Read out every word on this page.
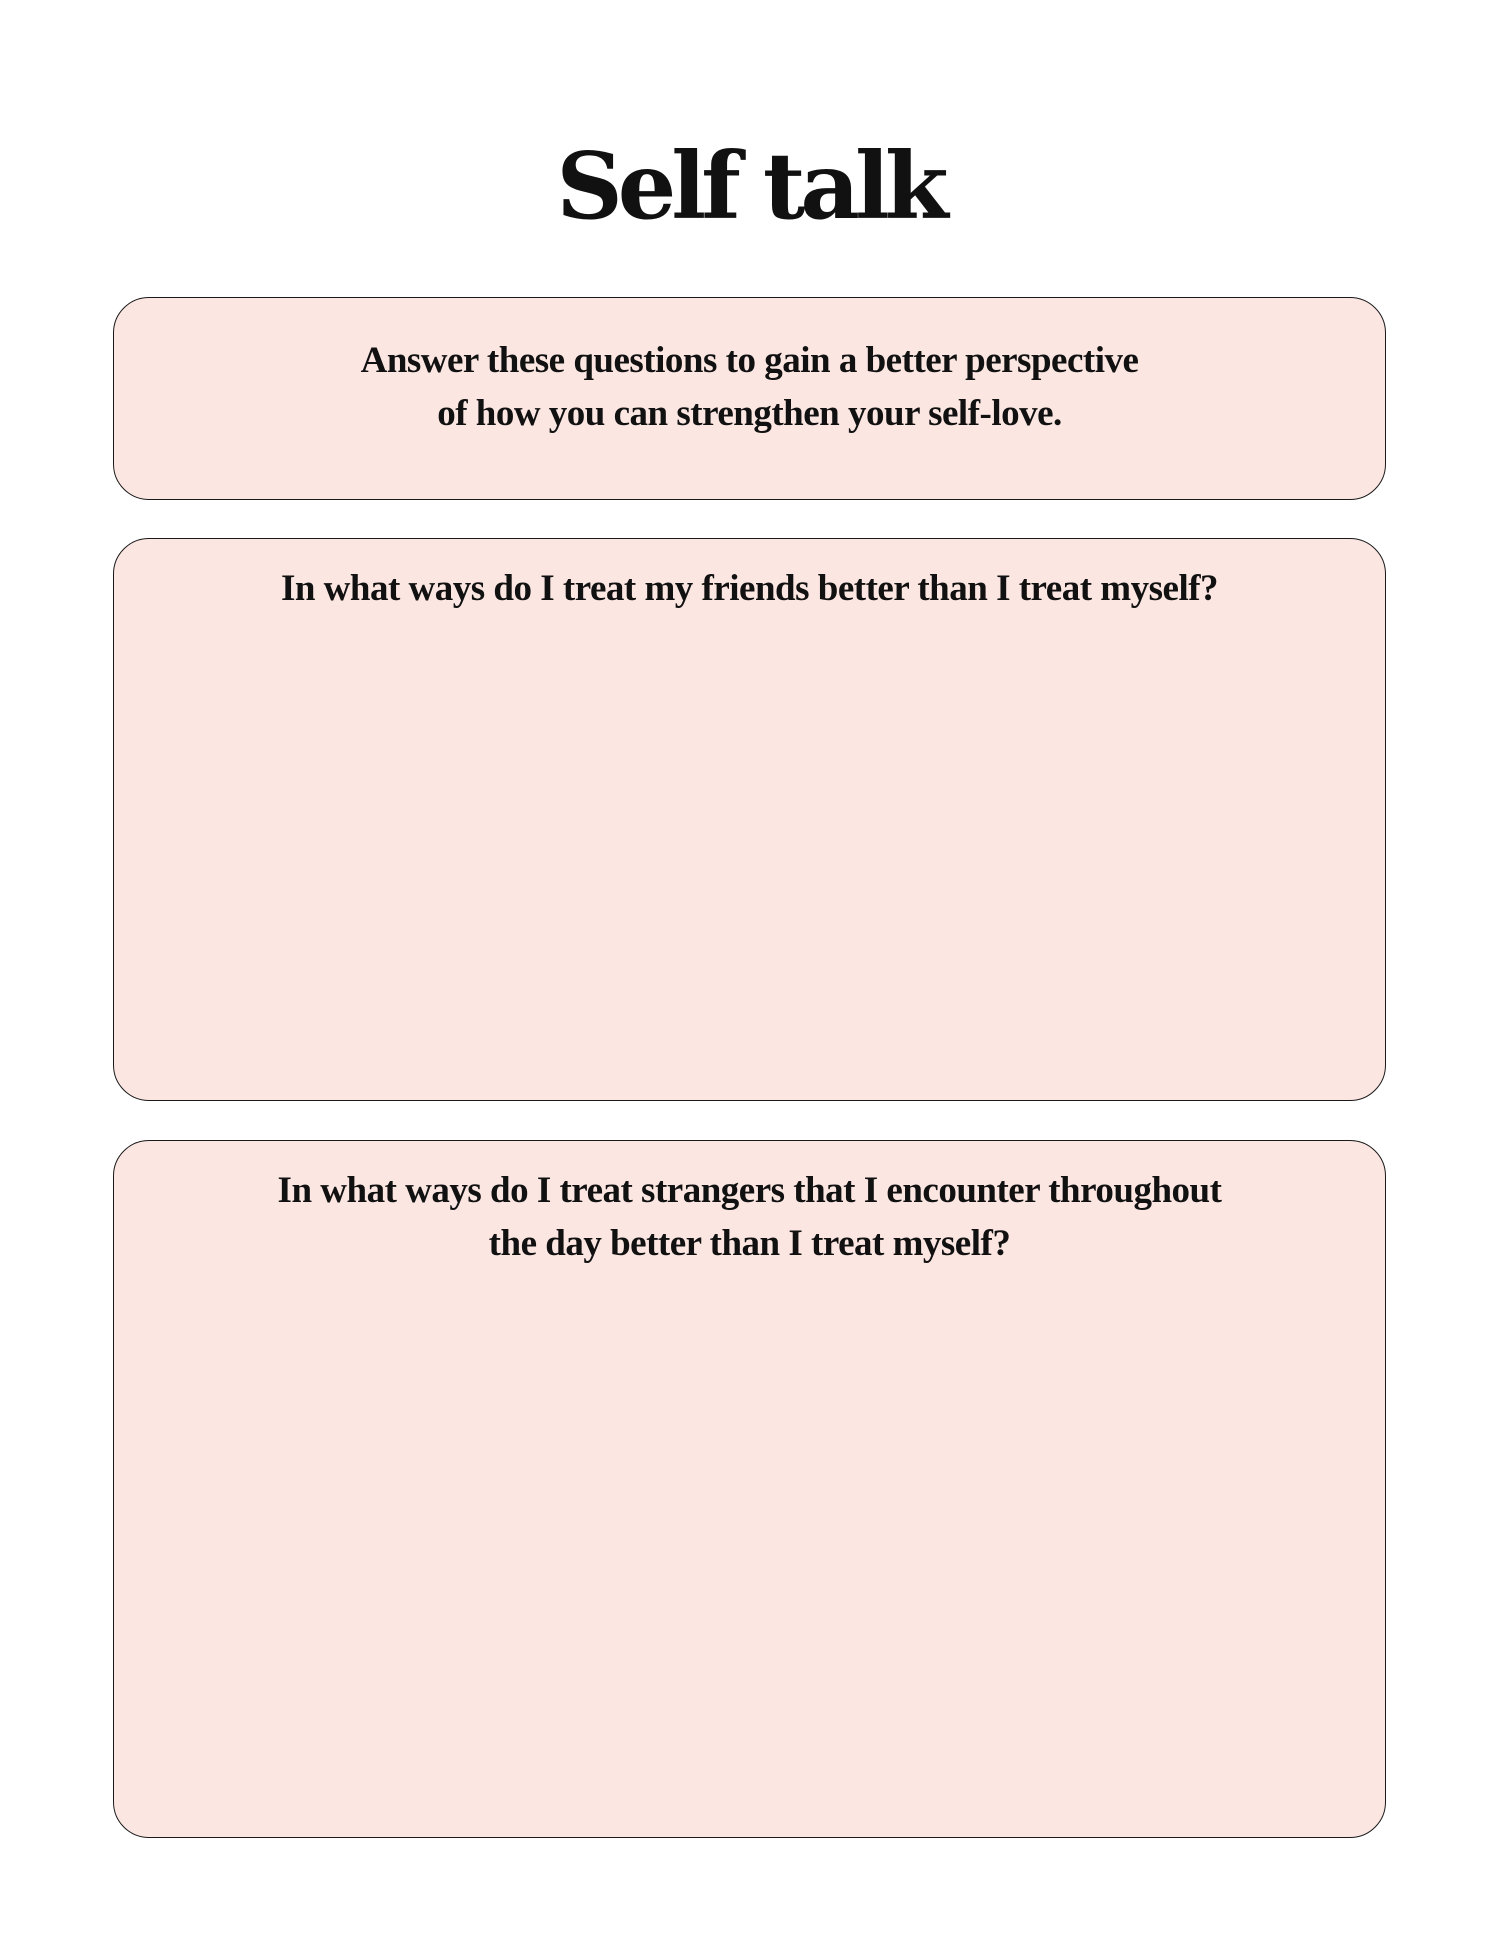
Self talk

Answer these questions to gain a better perspective
of how you can strengthen your self-love.

In what ways do I treat my friends better than I treat myself?

In what ways do I treat strangers that I encounter throughout
the day better than I treat myself?
